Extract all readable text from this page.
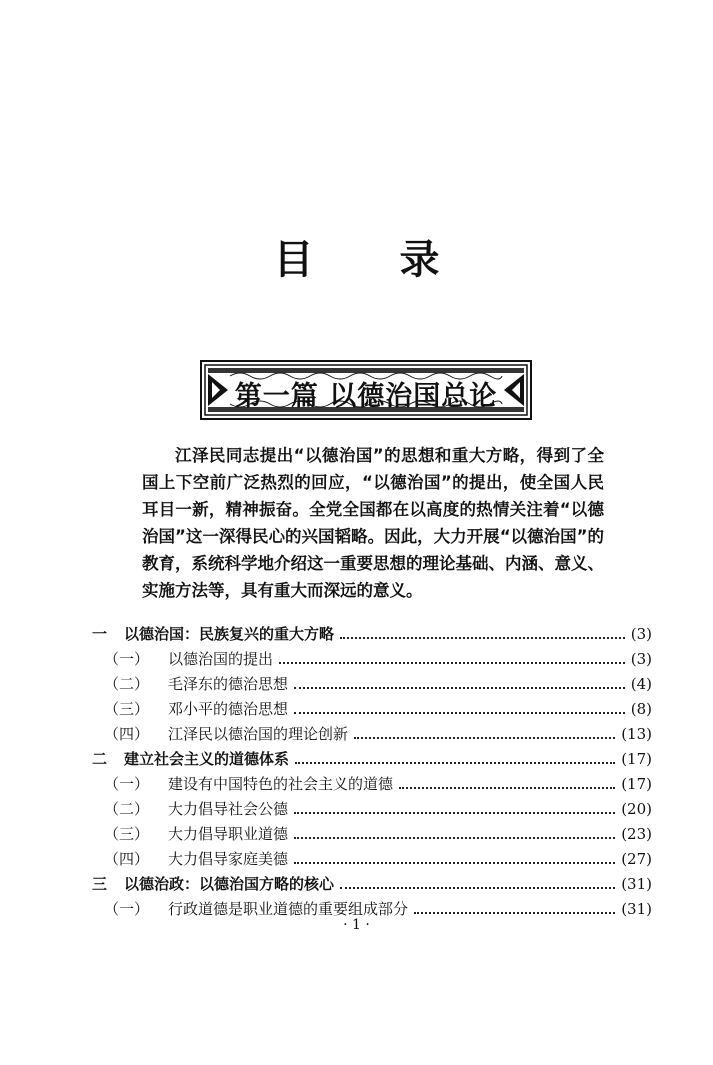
目 录
第一篇 以德治国总论

江泽民同志提出“以德治国”的思想和重大方略，得到了全国上下空前广泛热烈的回应，“以德治国”的提出，使全国人民耳目一新，精神振奋。全党全国都在以高度的热情关注着“以德治国”这一深得民心的兴国韬略。因此，大力开展“以德治国”的教育，系统科学地介绍这一重要思想的理论基础、内涵、意义、实施方法等，具有重大而深远的意义。

一	以德治国：民族复兴的重大方略	(3)
（一）	以德治国的提出	(3)
（二）	毛泽东的德治思想	(4)
（三）	邓小平的德治思想	(8)
（四）	江泽民以德治国的理论创新	(13)
二	建立社会主义的道德体系	(17)
（一）	建设有中国特色的社会主义的道德	(17)
（二）	大力倡导社会公德	(20)
（三）	大力倡导职业道德	(23)
（四）	大力倡导家庭美德	(27)
三	以德治政：以德治国方略的核心	(31)
（一）	行政道德是职业道德的重要组成部分	(31)
· 1 ·
